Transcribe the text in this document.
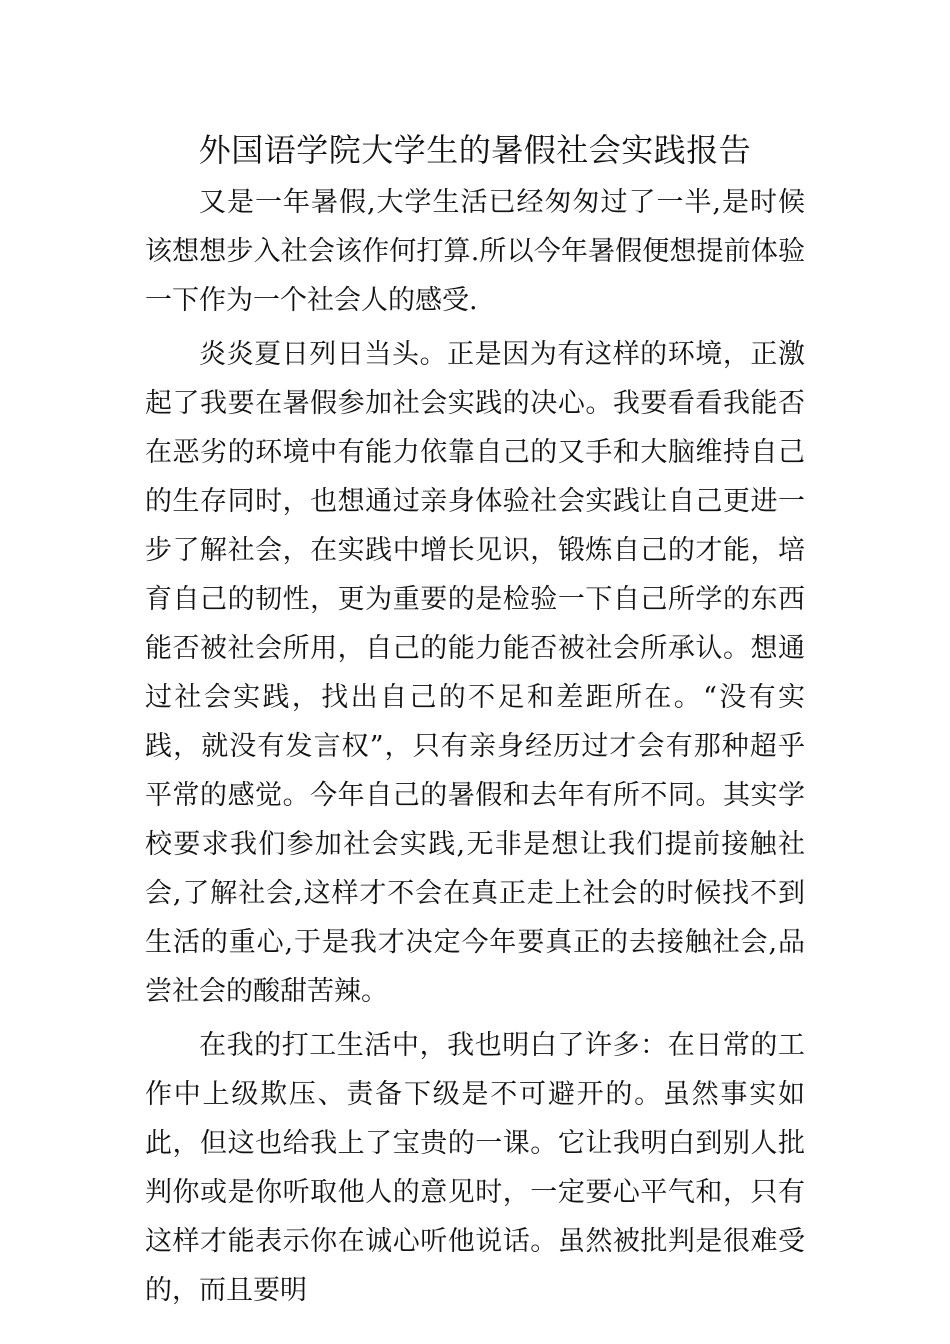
外国语学院大学生的暑假社会实践报告

又是一年暑假,大学生活已经匆匆过了一半,是时候该想想步入社会该作何打算.所以今年暑假便想提前体验一下作为一个社会人的感受.

炎炎夏日列日当头。正是因为有这样的环境，正激起了我要在暑假参加社会实践的决心。我要看看我能否在恶劣的环境中有能力依靠自己的又手和大脑维持自己的生存同时，也想通过亲身体验社会实践让自己更进一步了解社会，在实践中增长见识，锻炼自己的才能，培育自己的韧性，更为重要的是检验一下自己所学的东西能否被社会所用，自己的能力能否被社会所承认。想通过社会实践，找出自己的不足和差距所在。“没有实践，就没有发言权”，只有亲身经历过才会有那种超乎平常的感觉。今年自己的暑假和去年有所不同。其实学校要求我们参加社会实践,无非是想让我们提前接触社会,了解社会,这样才不会在真正走上社会的时候找不到生活的重心,于是我才决定今年要真正的去接触社会,品尝社会的酸甜苦辣。

在我的打工生活中，我也明白了许多：在日常的工作中上级欺压、责备下级是不可避开的。虽然事实如此，但这也给我上了宝贵的一课。它让我明白到别人批判你或是你听取他人的意见时，一定要心平气和，只有这样才能表示你在诚心听他说话。虽然被批判是很难受的，而且要明
